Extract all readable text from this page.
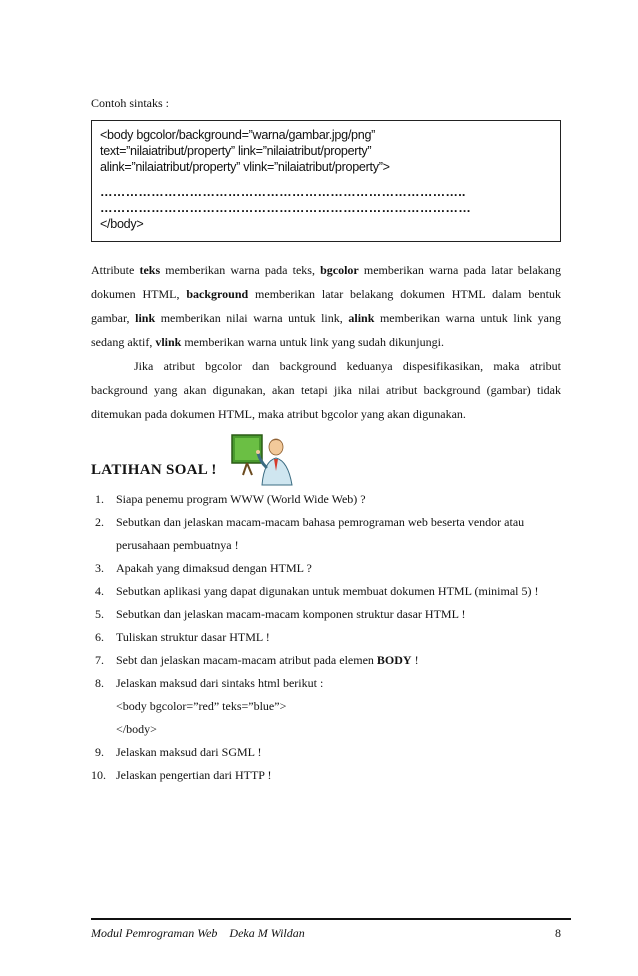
Contoh sintaks :
<body bgcolor/background=”warna/gambar.jpg/png”
text=”nilaiatribut/property” link=”nilaiatribut/property”
alink=”nilaiatribut/property” vlink=”nilaiatribut/property”>
…………………………………………………………………………..
……………………………………………………………………………
</body>
Attribute teks memberikan warna pada teks, bgcolor memberikan warna pada latar belakang
dokumen HTML, background memberikan latar belakang dokumen HTML dalam bentuk
gambar, link memberikan nilai warna untuk link, alink memberikan warna untuk link yang
sedang aktif, vlink memberikan warna untuk link yang sudah dikunjungi.
Jika atribut bgcolor dan background keduanya dispesifikasikan, maka atribut
background yang akan digunakan, akan tetapi jika nilai atribut background (gambar) tidak
ditemukan pada dokumen HTML, maka atribut bgcolor yang akan digunakan.
LATIHAN SOAL !
1. Siapa penemu program WWW (World Wide Web) ?
2. Sebutkan dan jelaskan macam-macam bahasa pemrograman web beserta vendor atau
perusahaan pembuatnya !
3. Apakah yang dimaksud dengan HTML ?
4. Sebutkan aplikasi yang dapat digunakan untuk membuat dokumen HTML (minimal 5) !
5. Sebutkan dan jelaskan macam-macam komponen struktur dasar HTML !
6. Tuliskan struktur dasar HTML !
7. Sebt dan jelaskan macam-macam atribut pada elemen BODY !
8. Jelaskan maksud dari sintaks html berikut :
<body bgcolor=”red” teks=”blue”>
</body>
9. Jelaskan maksud dari SGML !
10. Jelaskan pengertian dari HTTP !
Modul Pemrograman Web    Deka M Wildan	8
